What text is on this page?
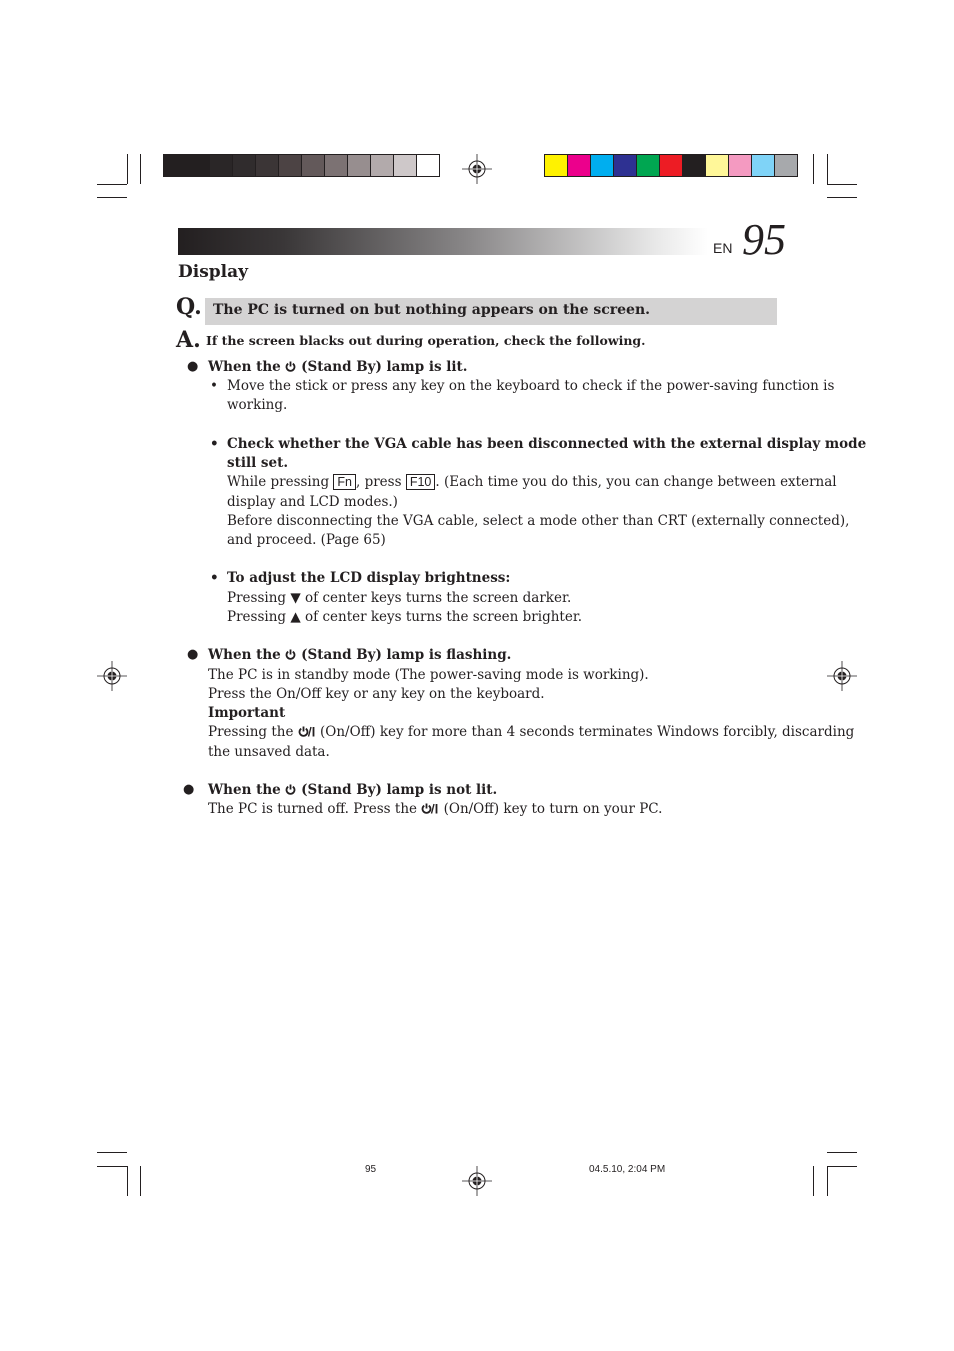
EN 95
Display
Q. The PC is turned on but nothing appears on the screen.
A. If the screen blacks out during operation, check the following.
● When the (Stand By) lamp is lit.
• Move the stick or press any key on the keyboard to check if the power-saving function is
working.
• Check whether the VGA cable has been disconnected with the external display mode
still set.
While pressing Fn , press F10 . (Each time you do this, you can change between external
display and LCD modes.)
Before disconnecting the VGA cable, select a mode other than CRT (externally connected),
and proceed. (Page 65)
• To adjust the LCD display brightness:
Pressing ▼ of center keys turns the screen darker.
Pressing ▲ of center keys turns the screen brighter.
● When the (Stand By) lamp is flashing.
The PC is in standby mode (The power-saving mode is working).
Press the On/Off key or any key on the keyboard.
Important
Pressing the (On/Off) key for more than 4 seconds terminates Windows forcibly, discarding
the unsaved data.
● When the (Stand By) lamp is not lit.
The PC is turned off. Press the (On/Off) key to turn on your PC.
95	04.5.10, 2:04 PM
